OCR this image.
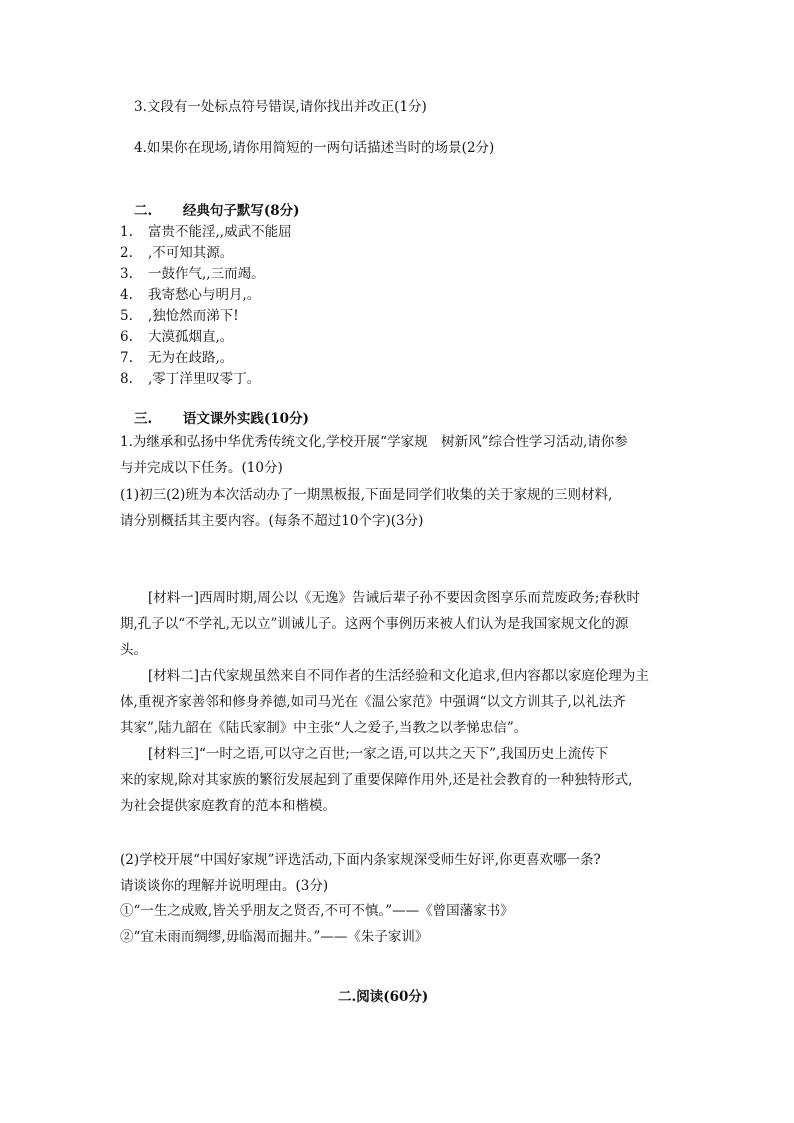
3.文段有一处标点符号错误,请你找出并改正(1分)
4.如果你在现场,请你用简短的一两句话描述当时的场景(2分)
二. 经典句子默写(8分)
1. 富贵不能淫,,威武不能屈
2. ,不可知其源。
3. 一鼓作气,,三而竭。
4. 我寄愁心与明月,。
5. ,独怆然而涕下!
6. 大漠孤烟直,。
7. 无为在歧路,。
8. ,零丁洋里叹零丁。
三. 语文课外实践(10分)
1.为继承和弘扬中华优秀传统文化,学校开展“学家规　树新风”综合性学习活动,请你参
与并完成以下任务。(10分)
(1)初三(2)班为本次活动办了一期黑板报,下面是同学们收集的关于家规的三则材料,
请分别概括其主要内容。(每条不超过10个字)(3分)
[材料一]西周时期,周公以《无逸》告诫后辈子孙不要因贪图享乐而荒废政务;春秋时
期,孔子以“不学礼,无以立”训诫儿子。这两个事例历来被人们认为是我国家规文化的源
头。
[材料二]古代家规虽然来自不同作者的生活经验和文化追求,但内容都以家庭伦理为主
体,重视齐家善邻和修身养德,如司马光在《温公家范》中强调“以文方训其子,以礼法齐
其家”,陆九韶在《陆氏家制》中主张“人之爱子,当教之以孝悌忠信”。
[材料三]“一时之语,可以守之百世;一家之语,可以共之天下”,我国历史上流传下
来的家规,除对其家族的繁衍发展起到了重要保障作用外,还是社会教育的一种独特形式,
为社会提供家庭教育的范本和楷模。
(2)学校开展“中国好家规”评选活动,下面内条家规深受师生好评,你更喜欢哪一条?
请谈谈你的理解并说明理由。(3分)
①“一生之成败,皆关乎朋友之贤否,不可不慎。”——《曾国藩家书》
②“宜未雨而绸缪,毋临渴而掘井。”——《朱子家训》
二.阅读(60分)
